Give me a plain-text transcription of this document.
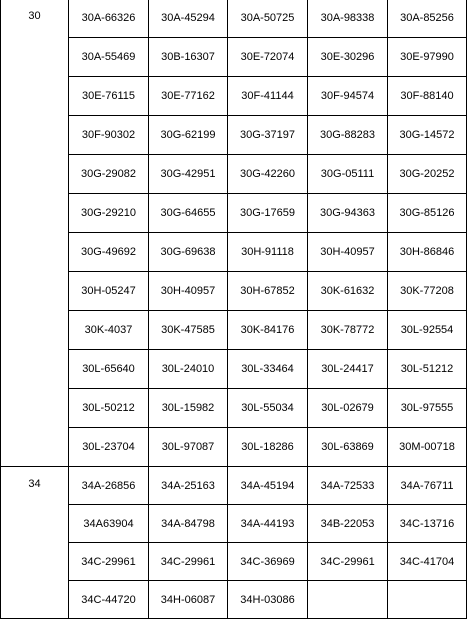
30	30A-66326	30A-45294	30A-50725	30A-98338	30A-85256
	30A-55469	30B-16307	30E-72074	30E-30296	30E-97990
	30E-76115	30E-77162	30F-41144	30F-94574	30F-88140
	30F-90302	30G-62199	30G-37197	30G-88283	30G-14572
	30G-29082	30G-42951	30G-42260	30G-05111	30G-20252
	30G-29210	30G-64655	30G-17659	30G-94363	30G-85126
	30G-49692	30G-69638	30H-91118	30H-40957	30H-86846
	30H-05247	30H-40957	30H-67852	30K-61632	30K-77208
	30K-4037	30K-47585	30K-84176	30K-78772	30L-92554
	30L-65640	30L-24010	30L-33464	30L-24417	30L-51212
	30L-50212	30L-15982	30L-55034	30L-02679	30L-97555
	30L-23704	30L-97087	30L-18286	30L-63869	30M-00718
34	34A-26856	34A-25163	34A-45194	34A-72533	34A-76711
	34A63904	34A-84798	34A-44193	34B-22053	34C-13716
	34C-29961	34C-29961	34C-36969	34C-29961	34C-41704
	34C-44720	34H-06087	34H-03086		
